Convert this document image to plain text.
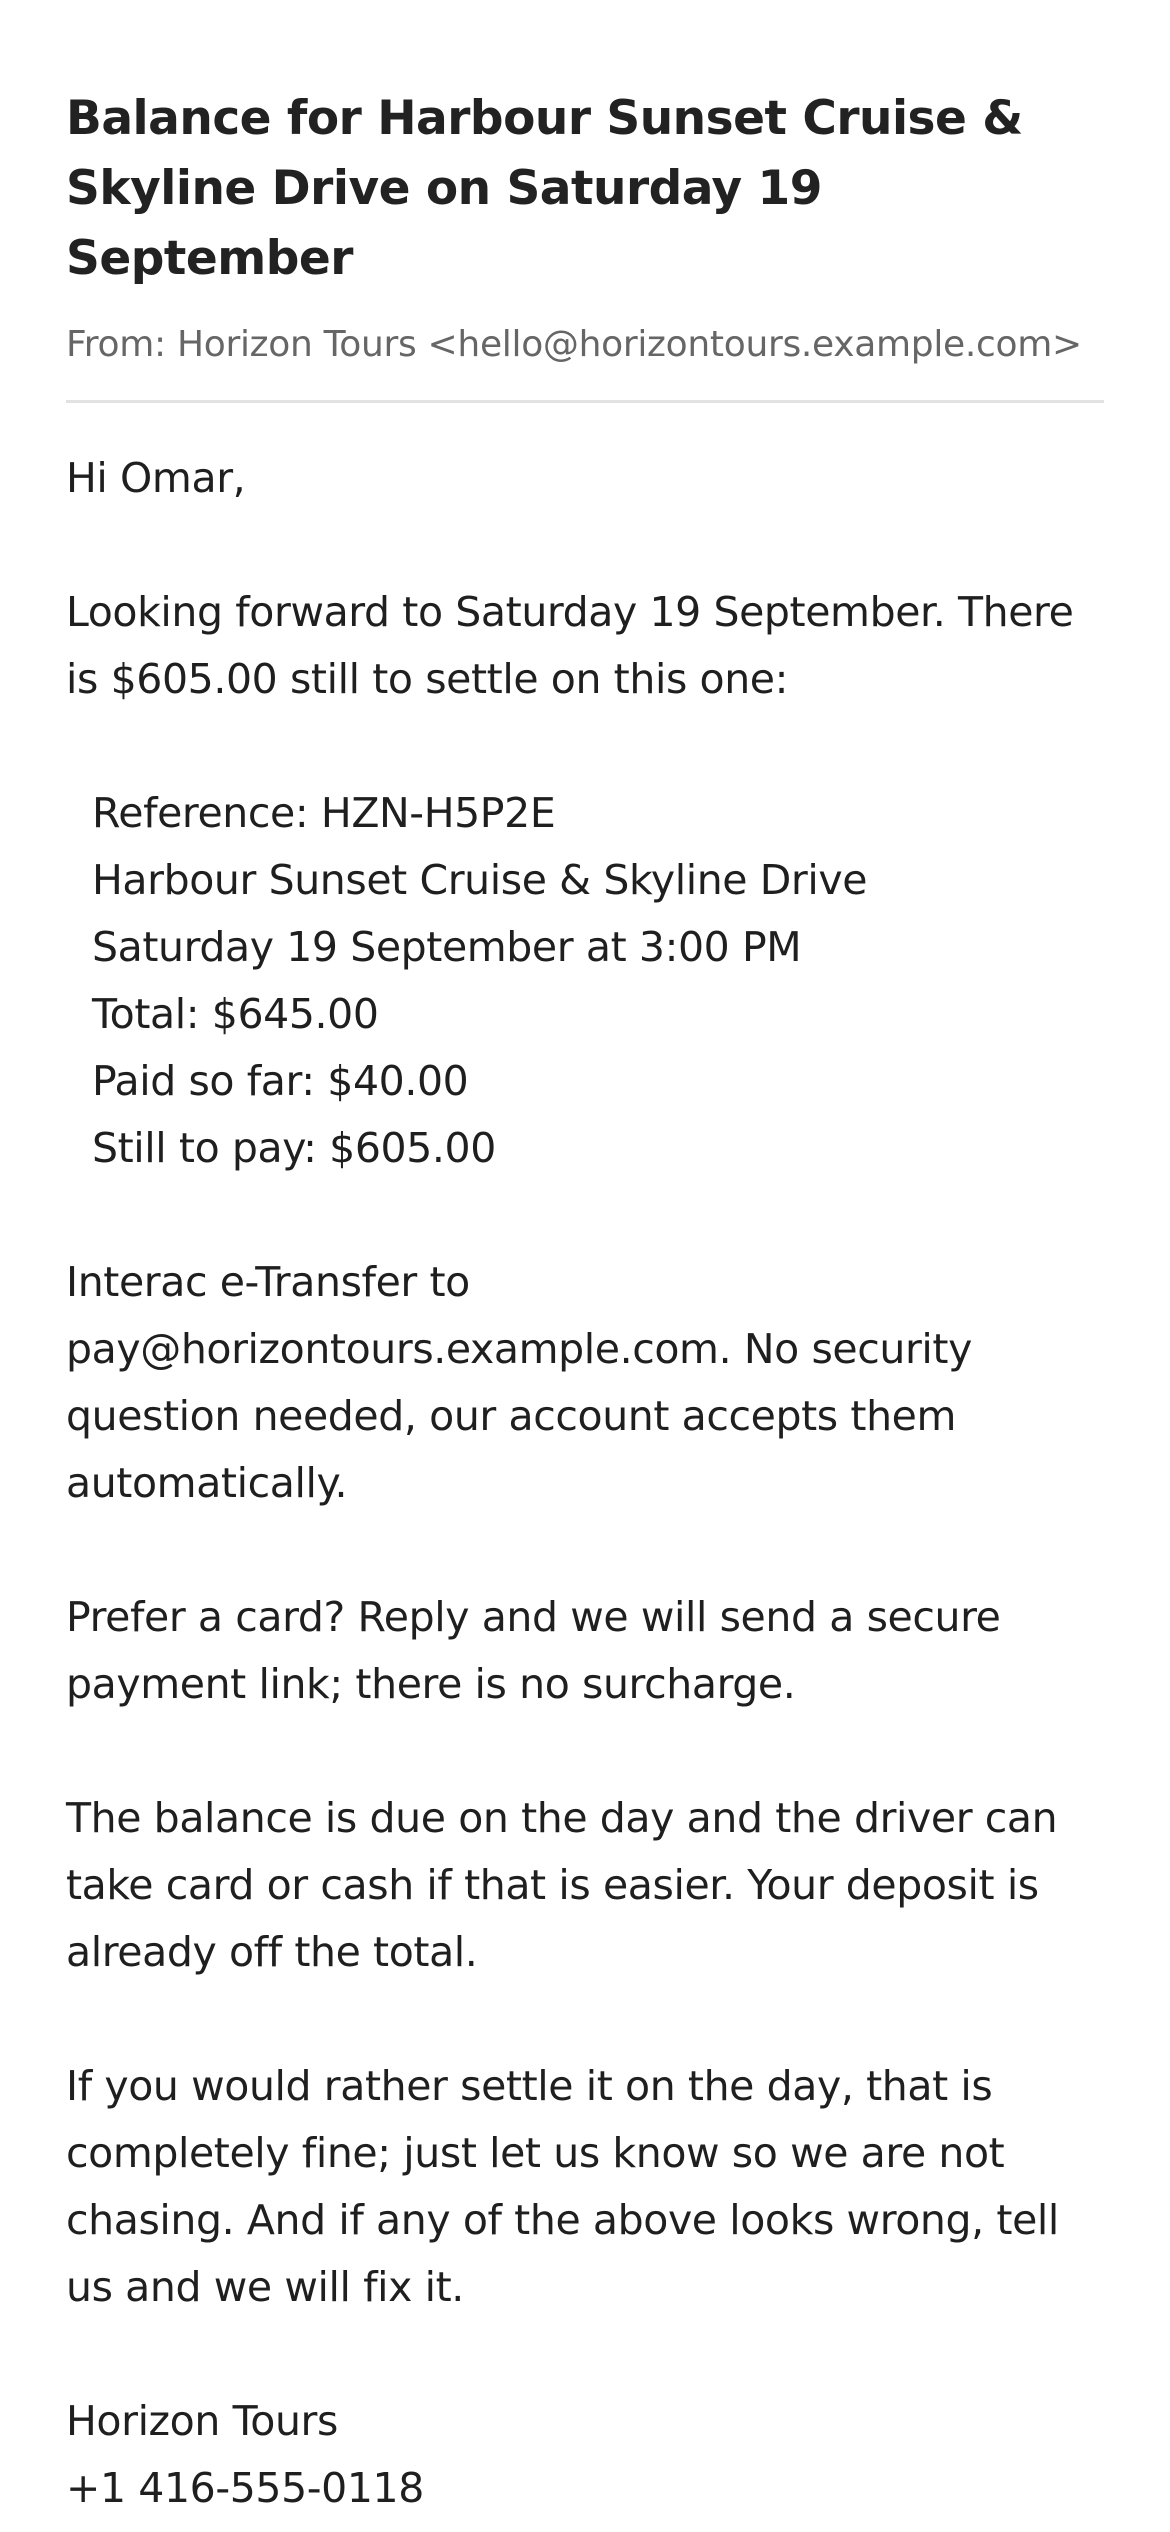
Balance for Harbour Sunset Cruise & Skyline Drive on Saturday 19 September
From: Horizon Tours <hello@horizontours.example.com>

Hi Omar,

Looking forward to Saturday 19 September. There is $605.00 still to settle on this one:

Reference: HZN-H5P2E
Harbour Sunset Cruise & Skyline Drive
Saturday 19 September at 3:00 PM
Total: $645.00
Paid so far: $40.00
Still to pay: $605.00

Interac e-Transfer to pay@horizontours.example.com. No security question needed, our account accepts them automatically.

Prefer a card? Reply and we will send a secure payment link; there is no surcharge.

The balance is due on the day and the driver can take card or cash if that is easier. Your deposit is already off the total.

If you would rather settle it on the day, that is completely fine; just let us know so we are not chasing. And if any of the above looks wrong, tell us and we will fix it.

Horizon Tours
+1 416-555-0118
